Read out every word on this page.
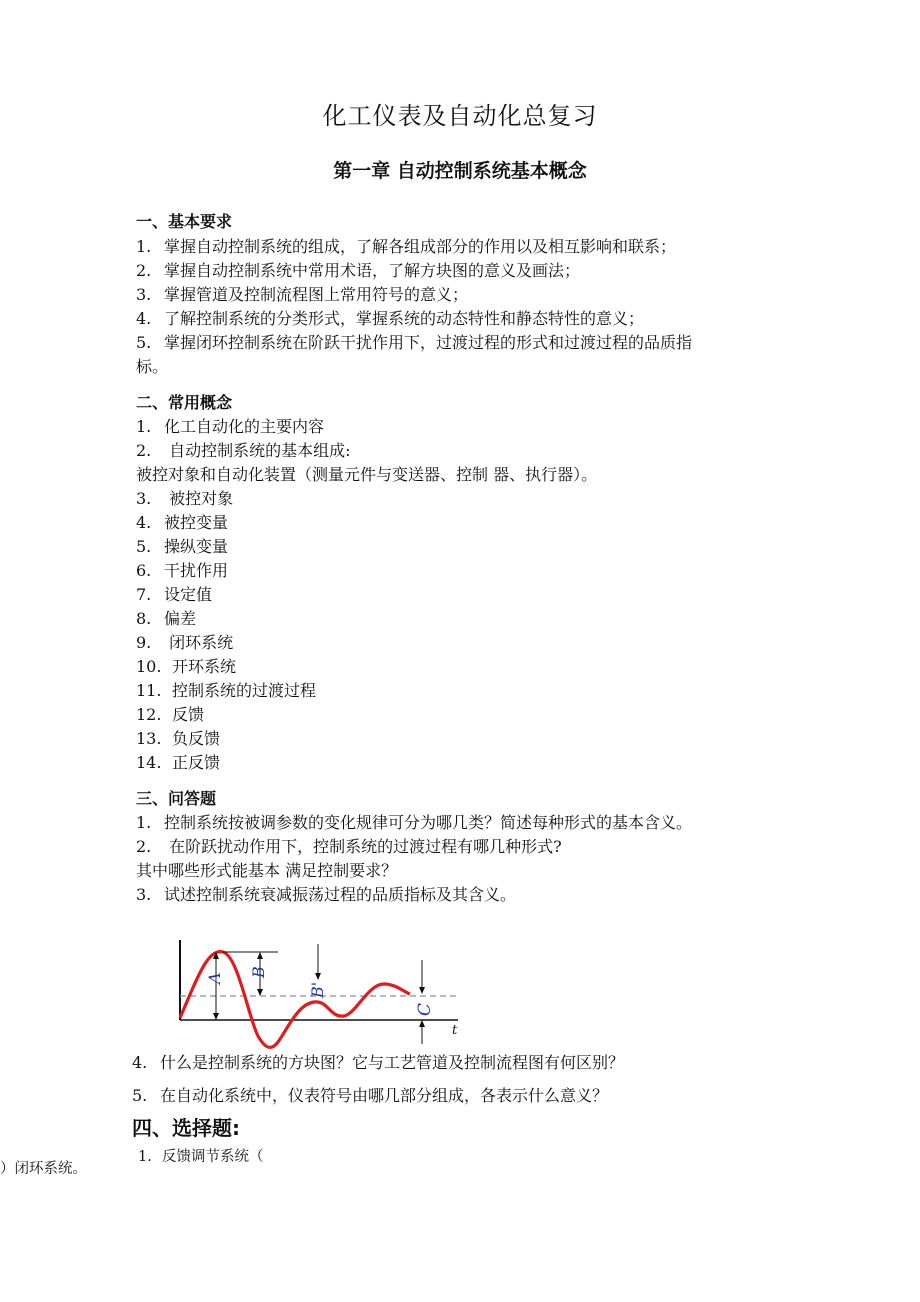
化工仪表及自动化总复习
第一章 自动控制系统基本概念
一、基本要求
1. 掌握自动控制系统的组成，了解各组成部分的作用以及相互影响和联系；
2. 掌握自动控制系统中常用术语，了解方块图的意义及画法；
3. 掌握管道及控制流程图上常用符号的意义；
4. 了解控制系统的分类形式，掌握系统的动态特性和静态特性的意义；
5. 掌握闭环控制系统在阶跃干扰作用下，过渡过程的形式和过渡过程的品质指
标。
二、常用概念
1. 化工自动化的主要内容
2. 自动控制系统的基本组成:
被控对象和自动化装置（测量元件与变送器、控制 器、执行器）。
3. 被控对象
4. 被控变量
5. 操纵变量
6. 干扰作用
7. 设定值
8. 偏差
9. 闭环系统
10. 开环系统
11. 控制系统的过渡过程
12. 反馈
13. 负反馈
14. 正反馈
三、问答题
1. 控制系统按被调参数的变化规律可分为哪几类？简述每种形式的基本含义。
2. 在阶跃扰动作用下，控制系统的过渡过程有哪几种形式?
其中哪些形式能基本 满足控制要求？
3. 试述控制系统衰减振荡过程的品质指标及其含义。
A
B
B'
C
t
4. 什么是控制系统的方块图？它与工艺管道及控制流程图有何区别？
5. 在自动化系统中，仪表符号由哪几部分组成，各表示什么意义？
四、选择题:
1. 反馈调节系统（
）闭环系统。
